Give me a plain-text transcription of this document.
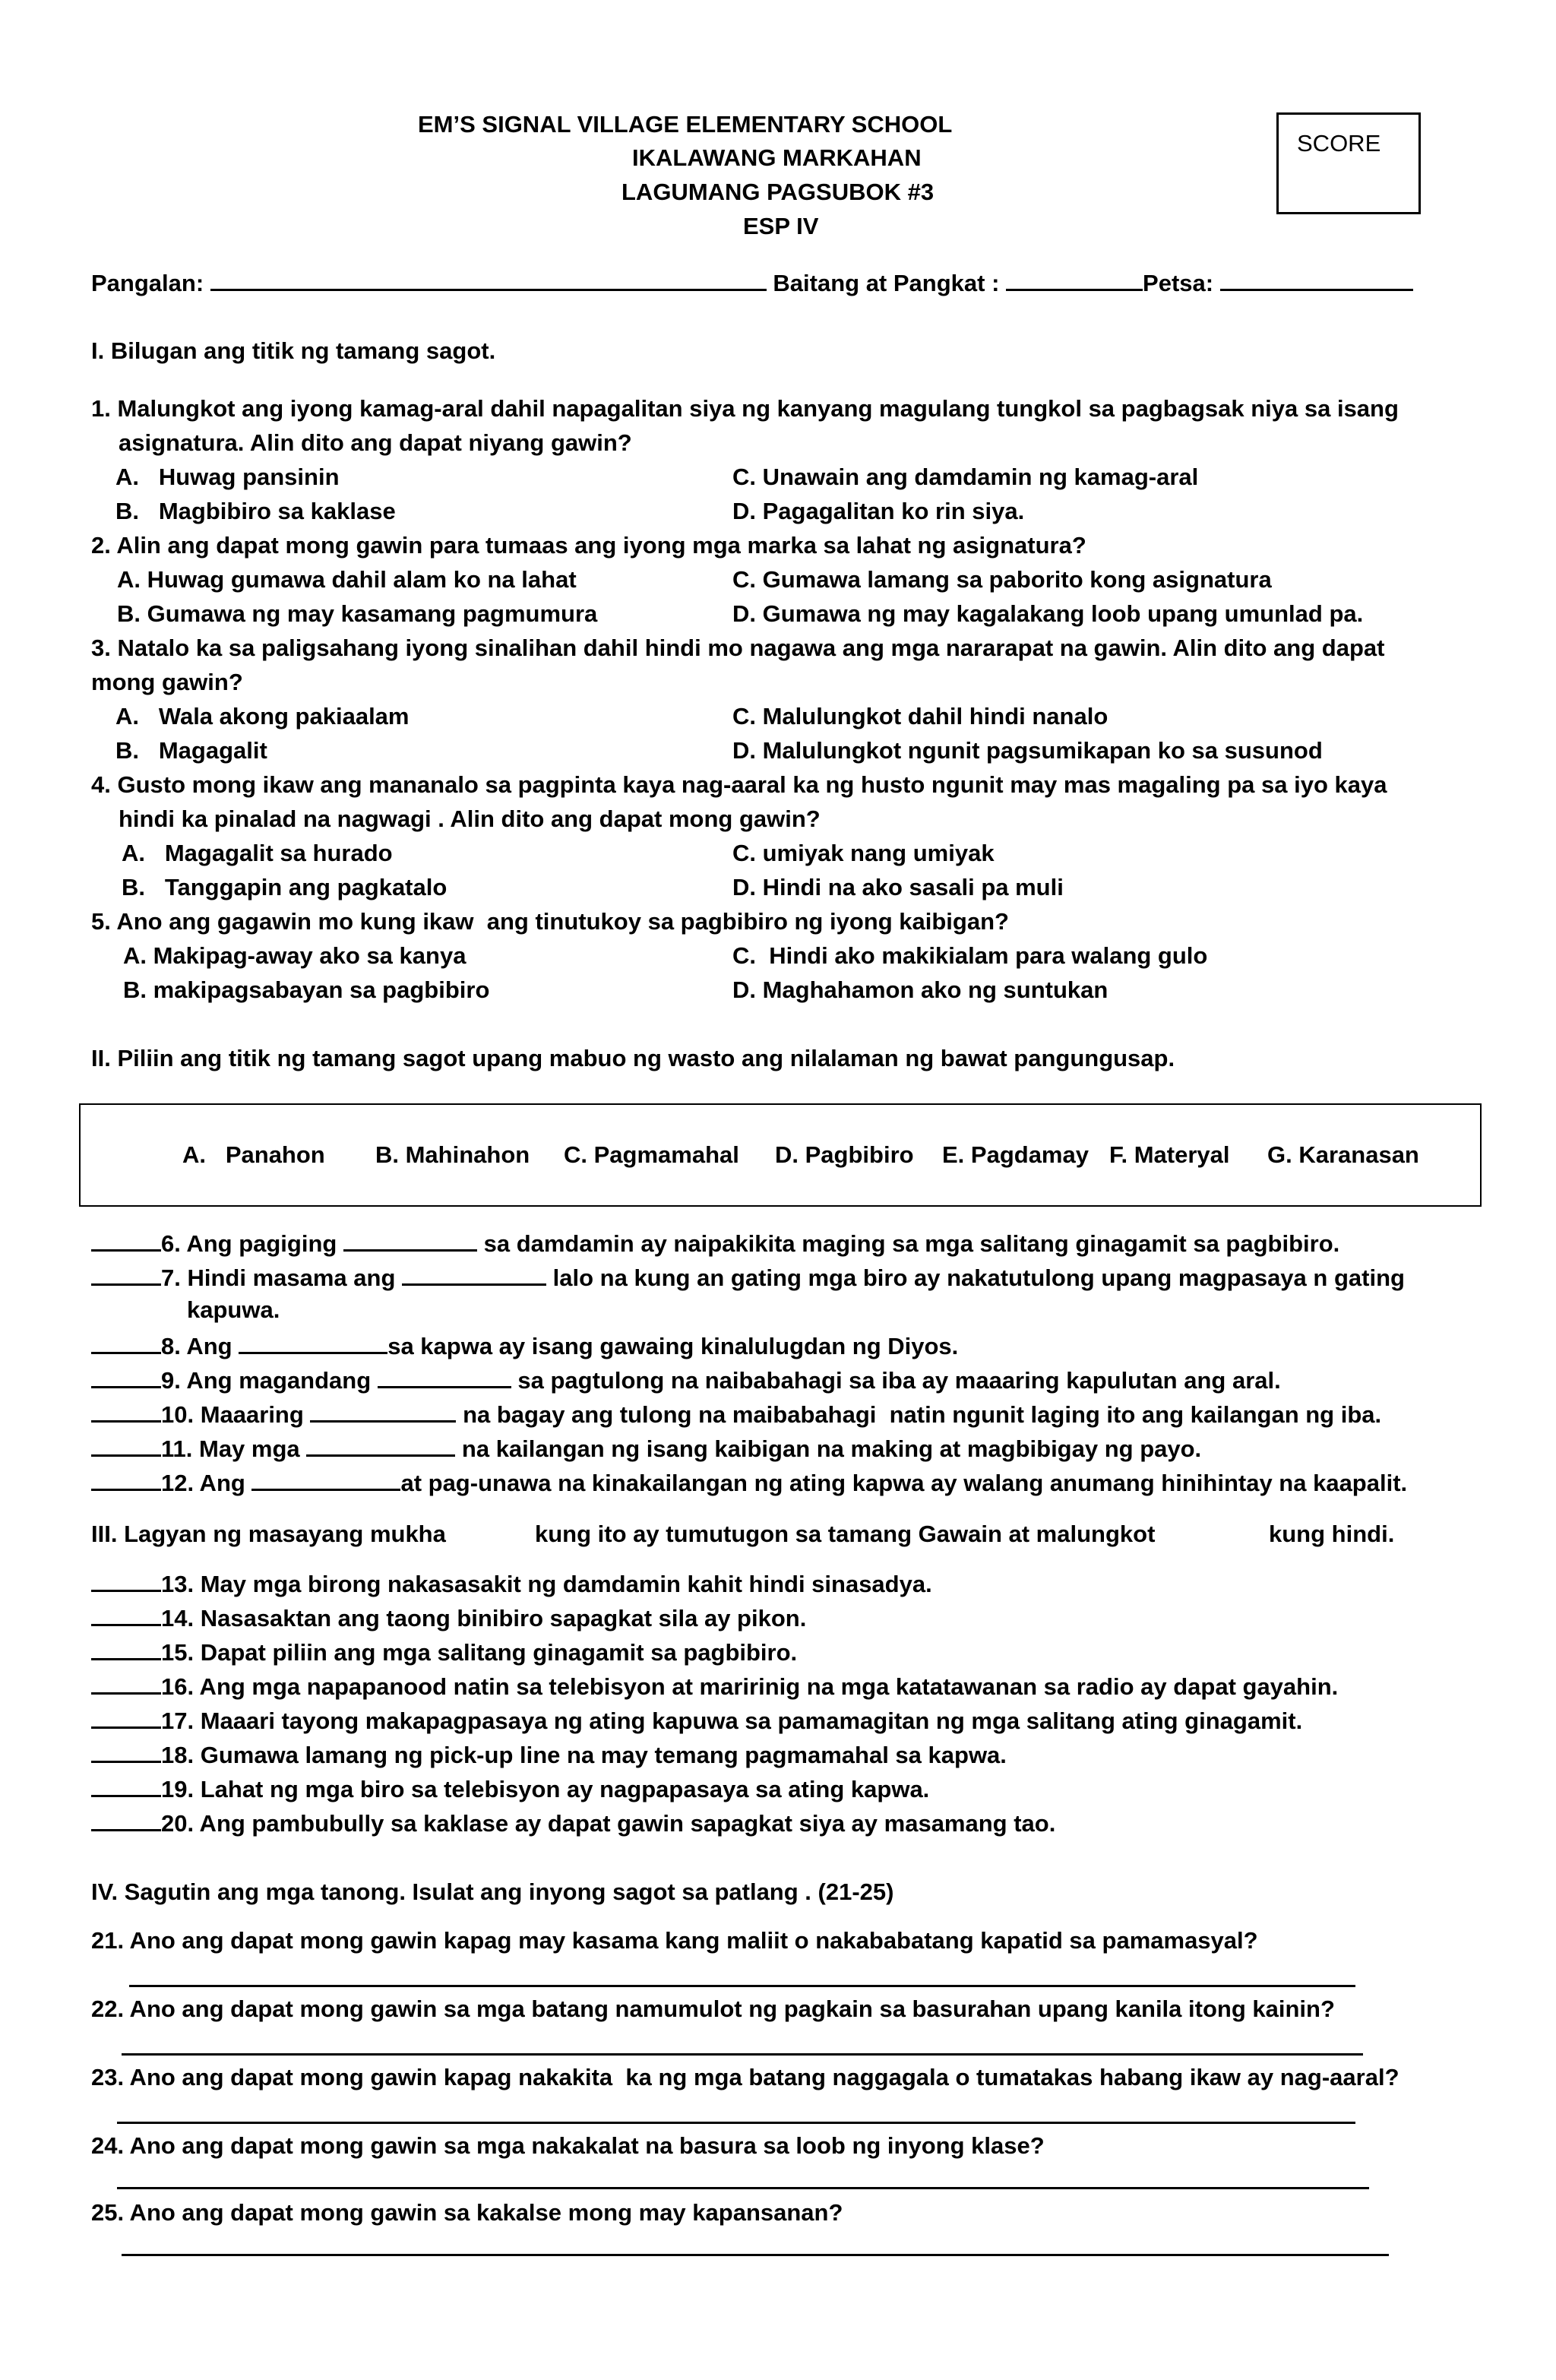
EM’S SIGNAL VILLAGE ELEMENTARY SCHOOL
IKALAWANG MARKAHAN
LAGUMANG PAGSUBOK #3
ESP IV
SCORE
Pangalan:	Baitang at Pangkat :	Petsa:
I. Bilugan ang titik ng tamang sagot.
1. Malungkot ang iyong kamag-aral dahil napagalitan siya ng kanyang magulang tungkol sa pagbagsak niya sa isang
asignatura. Alin dito ang dapat niyang gawin?
A.   Huwag pansinin	C. Unawain ang damdamin ng kamag-aral
B.   Magbibiro sa kaklase	D. Pagagalitan ko rin siya.
2. Alin ang dapat mong gawin para tumaas ang iyong mga marka sa lahat ng asignatura?
A. Huwag gumawa dahil alam ko na lahat	C. Gumawa lamang sa paborito kong asignatura
B. Gumawa ng may kasamang pagmumura	D. Gumawa ng may kagalakang loob upang umunlad pa.
3. Natalo ka sa paligsahang iyong sinalihan dahil hindi mo nagawa ang mga nararapat na gawin. Alin dito ang dapat
mong gawin?
A.   Wala akong pakiaalam	C. Malulungkot dahil hindi nanalo
B.   Magagalit	D. Malulungkot ngunit pagsumikapan ko sa susunod
4. Gusto mong ikaw ang mananalo sa pagpinta kaya nag-aaral ka ng husto ngunit may mas magaling pa sa iyo kaya
hindi ka pinalad na nagwagi . Alin dito ang dapat mong gawin?
A.   Magagalit sa hurado	C. umiyak nang umiyak
B.   Tanggapin ang pagkatalo	D. Hindi na ako sasali pa muli
5. Ano ang gagawin mo kung ikaw  ang tinutukoy sa pagbibiro ng iyong kaibigan?
A. Makipag-away ako sa kanya	C.  Hindi ako makikialam para walang gulo
B. makipagsabayan sa pagbibiro	D. Maghahamon ako ng suntukan
II. Piliin ang titik ng tamang sagot upang mabuo ng wasto ang nilalaman ng bawat pangungusap.
A.   Panahon B. Mahinahon C. Pagmamahal D. Pagbibiro E. Pagdamay F. Materyal G. Karanasan
6. Ang pagiging	sa damdamin ay naipakikita maging sa mga salitang ginagamit sa pagbibiro.
7. Hindi masama ang	lalo na kung an gating mga biro ay nakatutulong upang magpasaya n gating
kapuwa.
8. Ang	sa kapwa ay isang gawaing kinalulugdan ng Diyos.
9. Ang magandang	sa pagtulong na naibabahagi sa iba ay maaaring kapulutan ang aral.
10. Maaaring	na bagay ang tulong na maibabahagi  natin ngunit laging ito ang kailangan ng iba.
11. May mga	na kailangan ng isang kaibigan na making at magbibigay ng payo.
12. Ang	at pag-unawa na kinakailangan ng ating kapwa ay walang anumang hinihintay na kaapalit.
III. Lagyan ng masayang mukha	kung ito ay tumutugon sa tamang Gawain at malungkot	kung hindi.
13. May mga birong nakasasakit ng damdamin kahit hindi sinasadya.
14. Nasasaktan ang taong binibiro sapagkat sila ay pikon.
15. Dapat piliin ang mga salitang ginagamit sa pagbibiro.
16. Ang mga napapanood natin sa telebisyon at maririnig na mga katatawanan sa radio ay dapat gayahin.
17. Maaari tayong makapagpasaya ng ating kapuwa sa pamamagitan ng mga salitang ating ginagamit.
18. Gumawa lamang ng pick-up line na may temang pagmamahal sa kapwa.
19. Lahat ng mga biro sa telebisyon ay nagpapasaya sa ating kapwa.
20. Ang pambubully sa kaklase ay dapat gawin sapagkat siya ay masamang tao.
IV. Sagutin ang mga tanong. Isulat ang inyong sagot sa patlang . (21-25)
21. Ano ang dapat mong gawin kapag may kasama kang maliit o nakababatang kapatid sa pamamasyal?
22. Ano ang dapat mong gawin sa mga batang namumulot ng pagkain sa basurahan upang kanila itong kainin?
23. Ano ang dapat mong gawin kapag nakakita  ka ng mga batang naggagala o tumatakas habang ikaw ay nag-aaral?
24. Ano ang dapat mong gawin sa mga nakakalat na basura sa loob ng inyong klase?
25. Ano ang dapat mong gawin sa kakalse mong may kapansanan?
